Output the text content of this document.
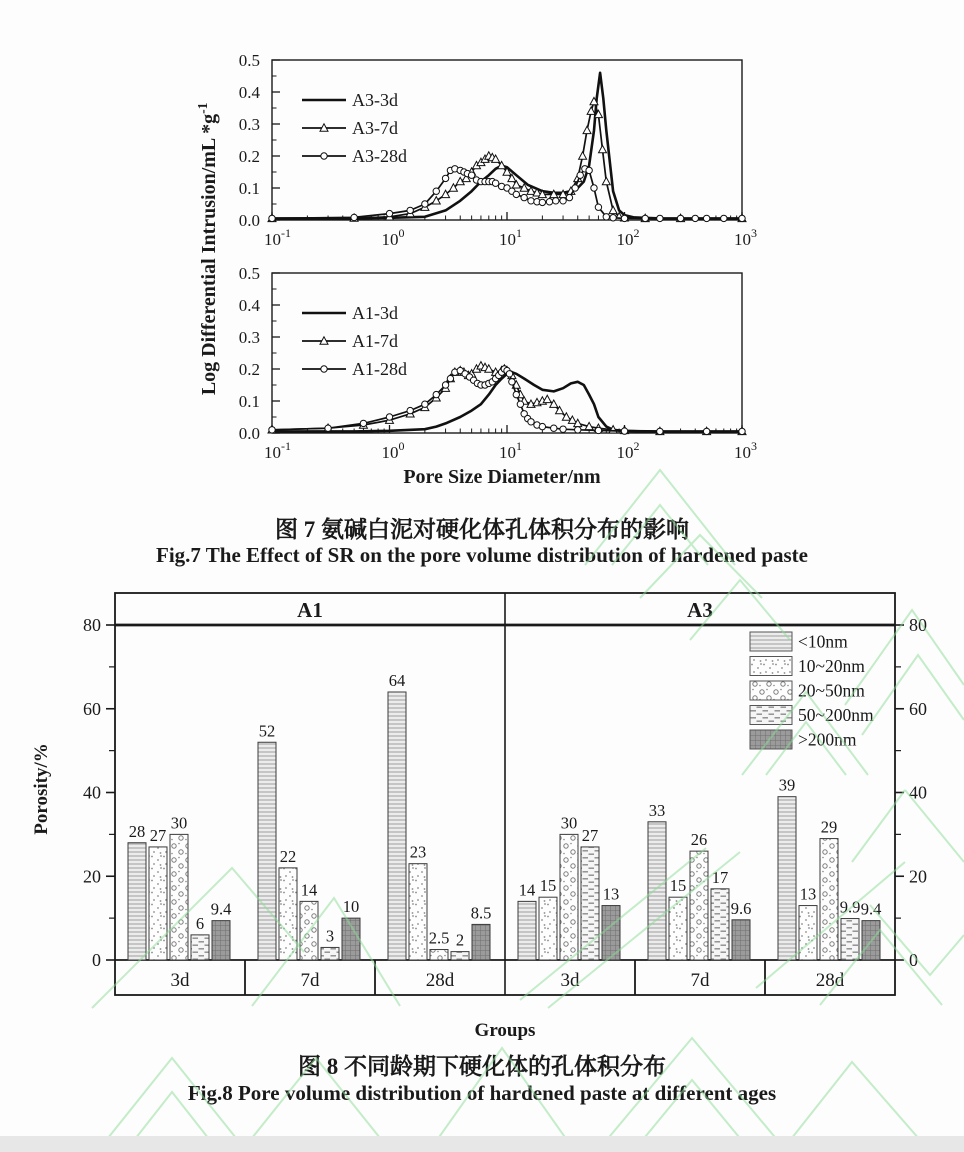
Log Differential Intrusion/mL $*g^{-1}$
0.0
0.1
0.2
0.3
0.4
0.5
$10^{-1}$	$10^0$	$10^1$	$10^2$	$10^3$
A3-3d
A3-7d
A3-28d
0.0
0.1
0.2
0.3
0.4
0.5
$10^{-1}$	$10^0$	$10^1$	$10^2$	$10^3$
A1-3d
A1-7d
A1-28d
Pore Size Diameter/nm
图 7 氨碱白泥对硬化体孔体积分布的影响
Fig.7 The Effect of SR on the pore volume distribution of hardened paste
Porosity/%
A1	A3
0	0
20	20
40	40
60	60
80	80
28 27
30
6
9.4
3d
52
22
14
3
10
7d
64
23
2.5 2
8.5
28d
14 15
30
27
13
3d
33
15
26
17
9.6
7d
39
13
29
9.9 9.4
28d
<10nm
10~20nm
20~50nm
50~200nm
>200nm
Groups
图 8 不同龄期下硬化体的孔体积分布
Fig.8 Pore volume distribution of hardened paste at different ages
